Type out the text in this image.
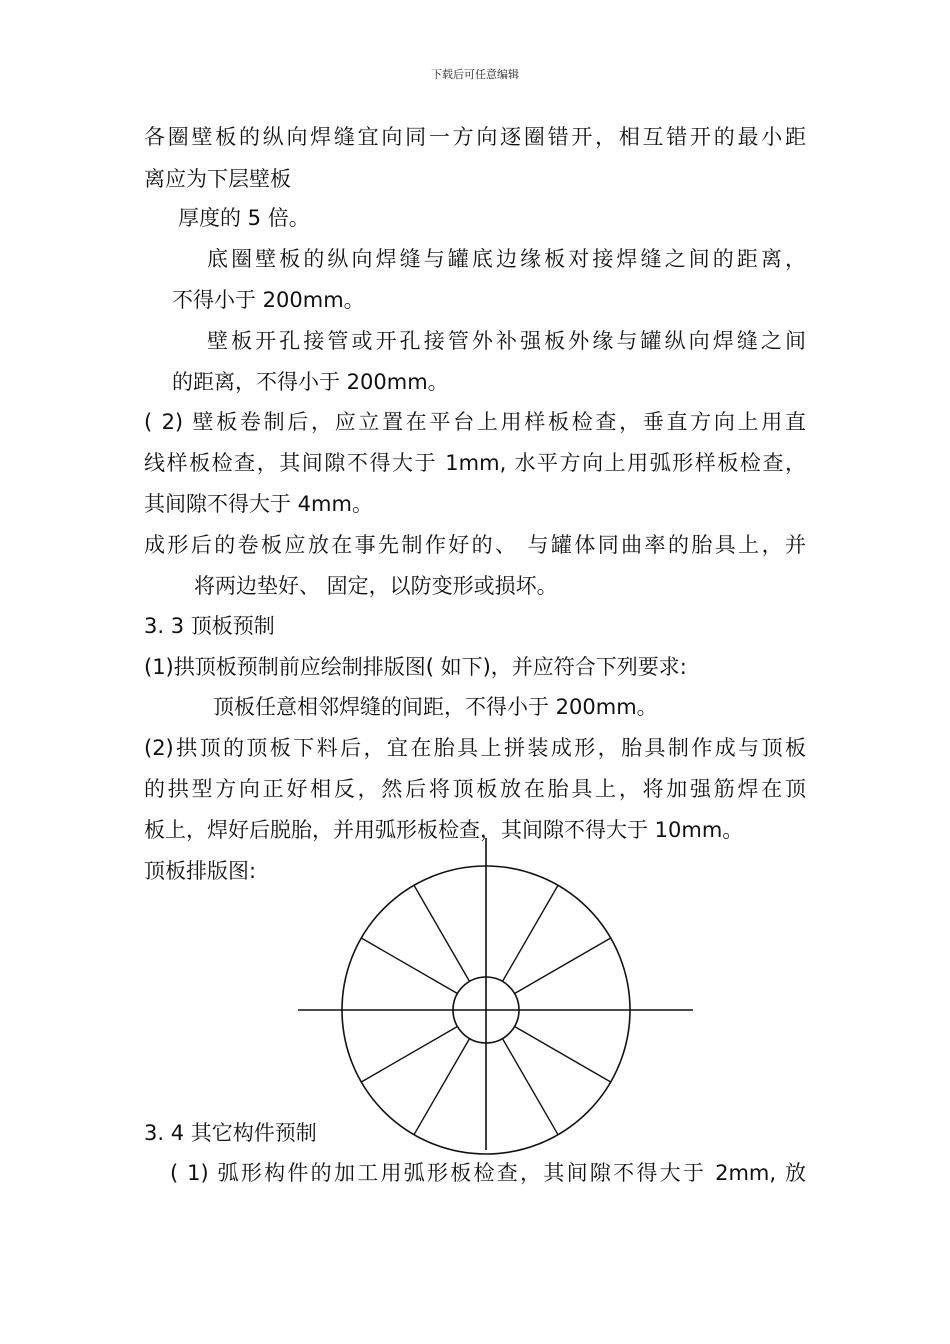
下载后可任意编辑
各圈壁板的纵向焊缝宜向同一方向逐圈错开，相互错开的最小距
离应为下层壁板
厚度的 5 倍。
底圈壁板的纵向焊缝与罐底边缘板对接焊缝之间的距离，
不得小于 200mm。
壁板开孔接管或开孔接管外补强板外缘与罐纵向焊缝之间
的距离，不得小于 200mm。
( 2) 壁板卷制后，应立置在平台上用样板检查，垂直方向上用直
线样板检查，其间隙不得大于 1mm, 水平方向上用弧形样板检查，
其间隙不得大于 4mm。
成形后的卷板应放在事先制作好的、 与罐体同曲率的胎具上，并
将两边垫好、 固定，以防变形或损坏。
3. 3 顶板预制
(1)拱顶板预制前应绘制排版图( 如下)，并应符合下列要求:
顶板任意相邻焊缝的间距，不得小于 200mm。
(2)拱顶的顶板下料后，宜在胎具上拼装成形，胎具制作成与顶板
的拱型方向正好相反，然后将顶板放在胎具上，将加强筋焊在顶
板上，焊好后脱胎，并用弧形板检查，其间隙不得大于 10mm。
顶板排版图:
3. 4 其它构件预制
( 1) 弧形构件的加工用弧形板检查，其间隙不得大于 2mm, 放
